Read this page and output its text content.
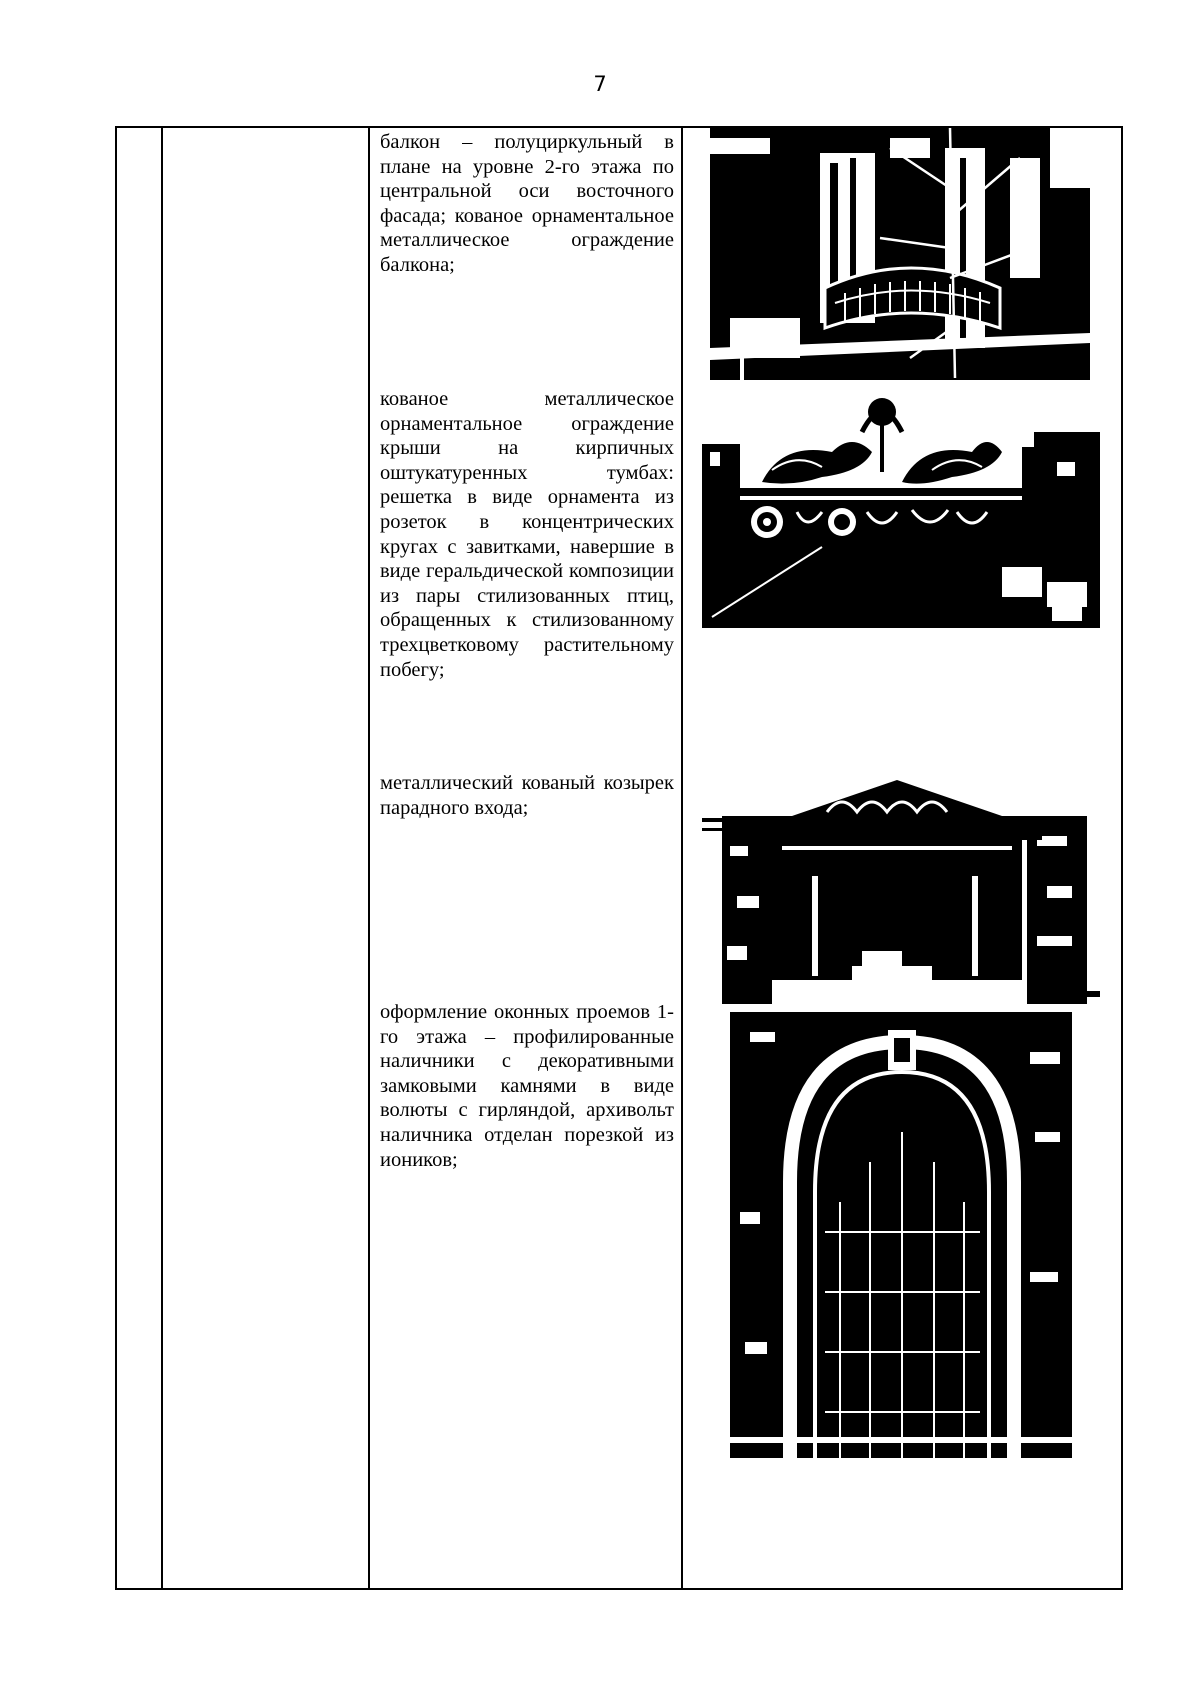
7
балкон – полуциркульный в плане на уровне 2-го этажа по центральной оси восточного фасада; кованое орнаментальное металлическое ограждение балкона;
кованое металлическое орнаментальное ограждение крыши на кирпичных оштукатуренных тумбах: решетка в виде орнамента из розеток в концентрических кругах с завитками, навершие в виде геральдической композиции из пары стилизованных птиц, обращенных к стилизованному трехцветковому растительному побегу;
металлический кованый козырек парадного входа;
оформление оконных проемов 1-го этажа – профилированные наличники с декоративными замковыми камнями в виде волюты с гирляндой, архивольт наличника отделан порезкой из иоников;
